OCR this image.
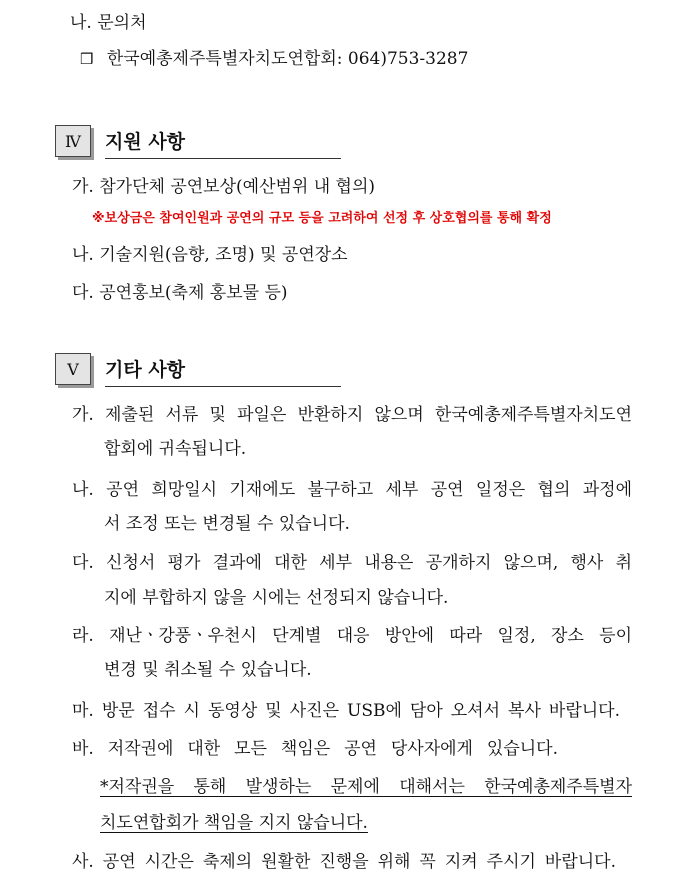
나. 문의처
❒ 한국예총제주특별자치도연합회: 064)753-3287
Ⅳ	지원 사항
가. 참가단체 공연보상(예산범위 내 협의)
※보상금은 참여인원과 공연의 규모 등을 고려하여 선정 후 상호협의를 통해 확정
나. 기술지원(음향, 조명) 및 공연장소
다. 공연홍보(축제 홍보물 등)
Ⅴ	기타 사항
가. 제출된 서류 및 파일은 반환하지 않으며 한국예총제주특별자치도연
합회에 귀속됩니다.
나. 공연 희망일시 기재에도 불구하고 세부 공연 일정은 협의 과정에
서 조정 또는 변경될 수 있습니다.
다. 신청서 평가 결과에 대한 세부 내용은 공개하지 않으며, 행사 취
지에 부합하지 않을 시에는 선정되지 않습니다.
라. 재난ㆍ강풍ㆍ우천시 단계별 대응 방안에 따라 일정, 장소 등이
변경 및 취소될 수 있습니다.
마. 방문 접수 시 동영상 및 사진은 USB에 담아 오셔서 복사 바랍니다.
바. 저작권에 대한 모든 책임은 공연 당사자에게 있습니다.
*저작권을 통해 발생하는 문제에 대해서는 한국예총제주특별자
치도연합회가 책임을 지지 않습니다.
사. 공연 시간은 축제의 원활한 진행을 위해 꼭 지켜 주시기 바랍니다.
